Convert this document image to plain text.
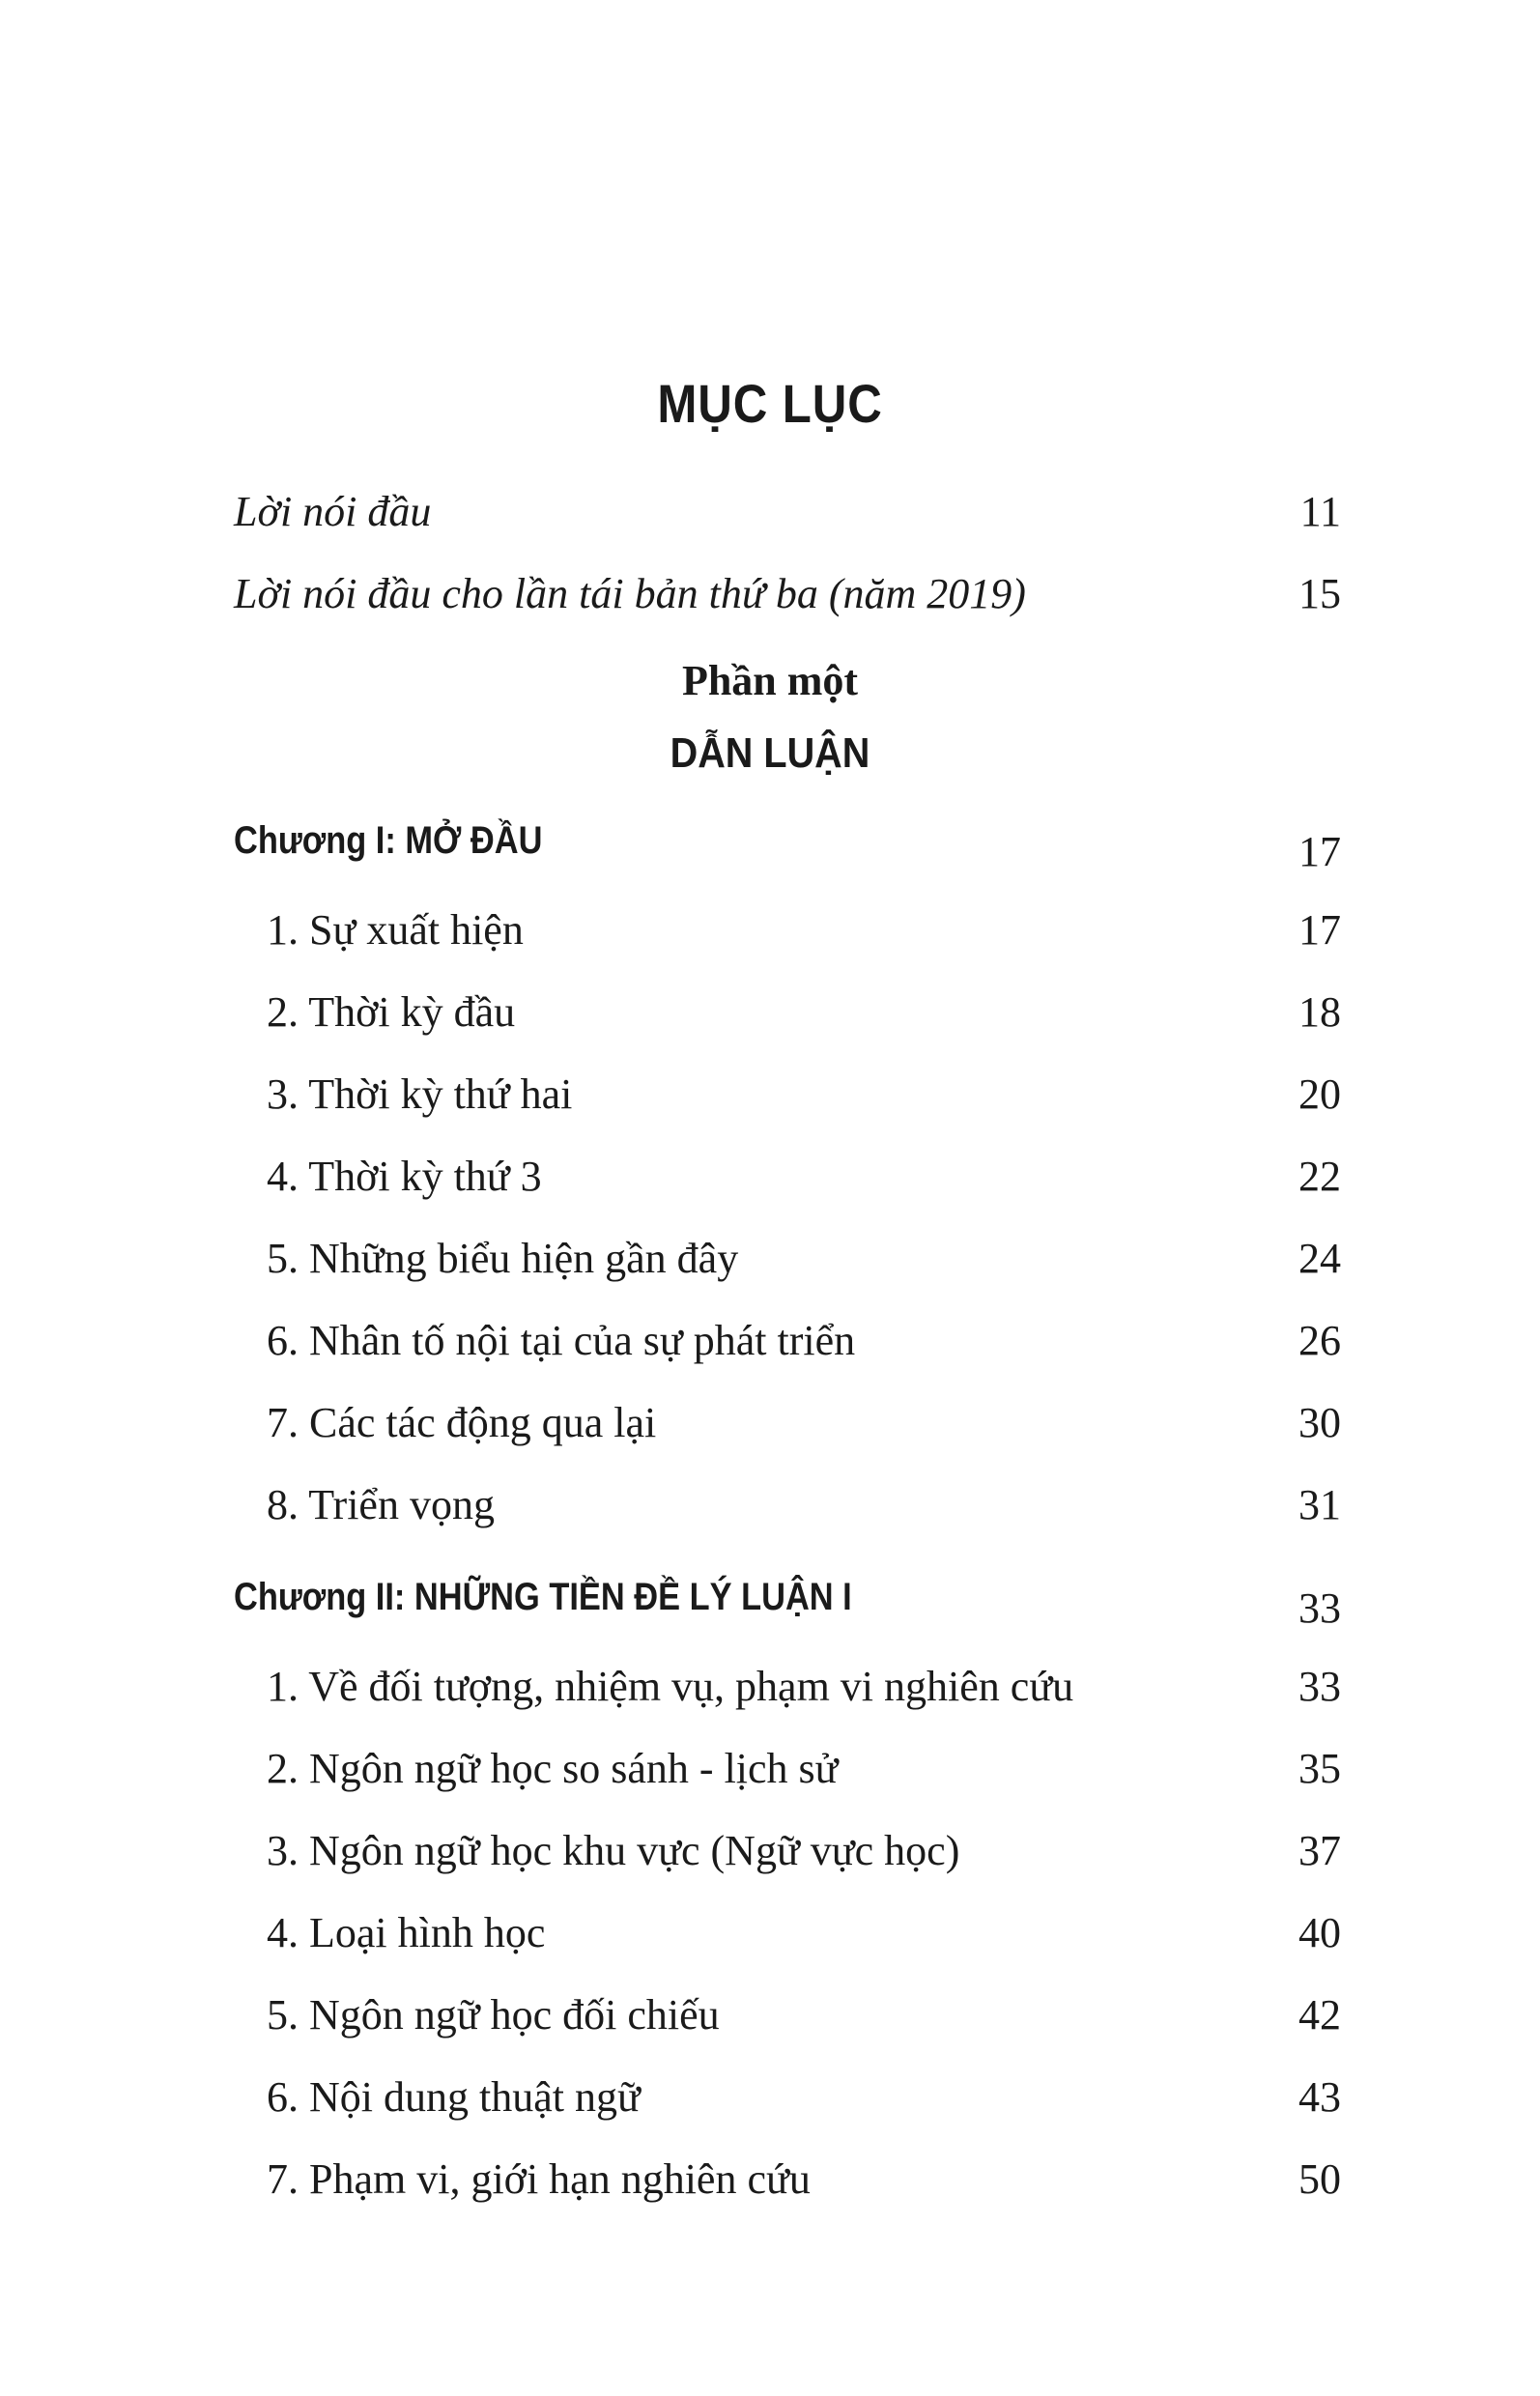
MỤC LỤC
Lời nói đầu	11
Lời nói đầu cho lần tái bản thứ ba (năm 2019)	15
Phần một
DẪN LUẬN
Chương I: MỞ ĐẦU	17
1. Sự xuất hiện	17
2. Thời kỳ đầu	18
3. Thời kỳ thứ hai	20
4. Thời kỳ thứ 3	22
5. Những biểu hiện gần đây	24
6. Nhân tố nội tại của sự phát triển	26
7. Các tác động qua lại	30
8. Triển vọng	31
Chương II: NHỮNG TIỀN ĐỀ LÝ LUẬN I	33
1. Về đối tượng, nhiệm vụ, phạm vi nghiên cứu	33
2. Ngôn ngữ học so sánh - lịch sử	35
3. Ngôn ngữ học khu vực (Ngữ vực học)	37
4. Loại hình học	40
5. Ngôn ngữ học đối chiếu	42
6. Nội dung thuật ngữ	43
7. Phạm vi, giới hạn nghiên cứu	50
